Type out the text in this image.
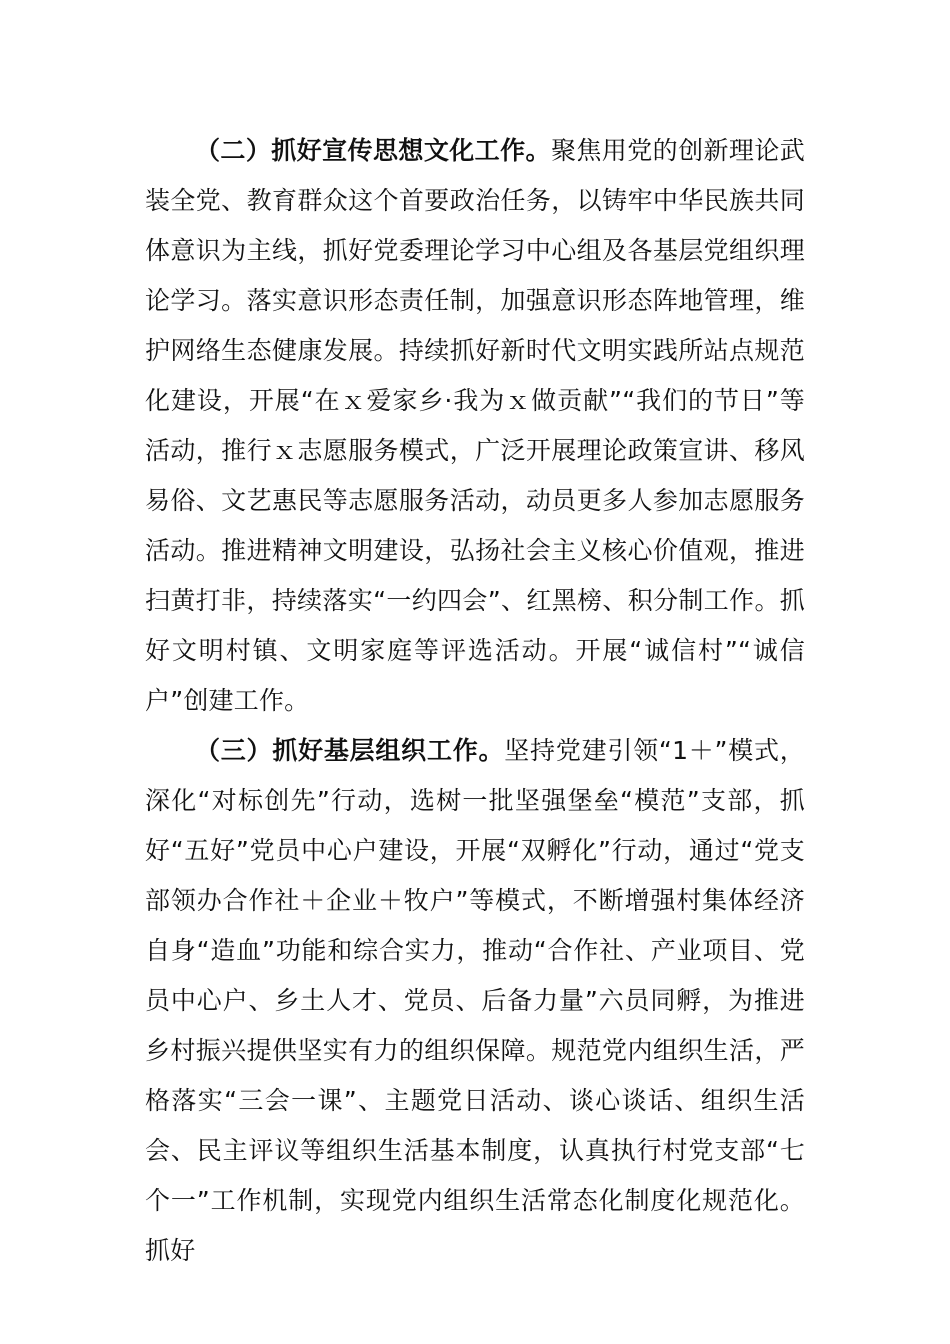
（二）抓好宣传思想文化工作。聚焦用党的创新理论武装全党、教育群众这个首要政治任务，以铸牢中华民族共同体意识为主线，抓好党委理论学习中心组及各基层党组织理论学习。落实意识形态责任制，加强意识形态阵地管理，维护网络生态健康发展。持续抓好新时代文明实践所站点规范化建设，开展“在ｘ爱家乡·我为ｘ做贡献”“我们的节日”等活动，推行ｘ志愿服务模式，广泛开展理论政策宣讲、移风易俗、文艺惠民等志愿服务活动，动员更多人参加志愿服务活动。推进精神文明建设，弘扬社会主义核心价值观，推进扫黄打非，持续落实“一约四会”、红黑榜、积分制工作。抓好文明村镇、文明家庭等评选活动。开展“诚信村”“诚信户”创建工作。

（三）抓好基层组织工作。坚持党建引领“1＋”模式，深化“对标创先”行动，选树一批坚强堡垒“模范”支部，抓好“五好”党员中心户建设，开展“双孵化”行动，通过“党支部领办合作社＋企业＋牧户”等模式，不断增强村集体经济自身“造血”功能和综合实力，推动“合作社、产业项目、党员中心户、乡土人才、党员、后备力量”六员同孵，为推进乡村振兴提供坚实有力的组织保障。规范党内组织生活，严格落实“三会一课”、主题党日活动、谈心谈话、组织生活会、民主评议等组织生活基本制度，认真执行村党支部“七个一”工作机制，实现党内组织生活常态化制度化规范化。抓好
